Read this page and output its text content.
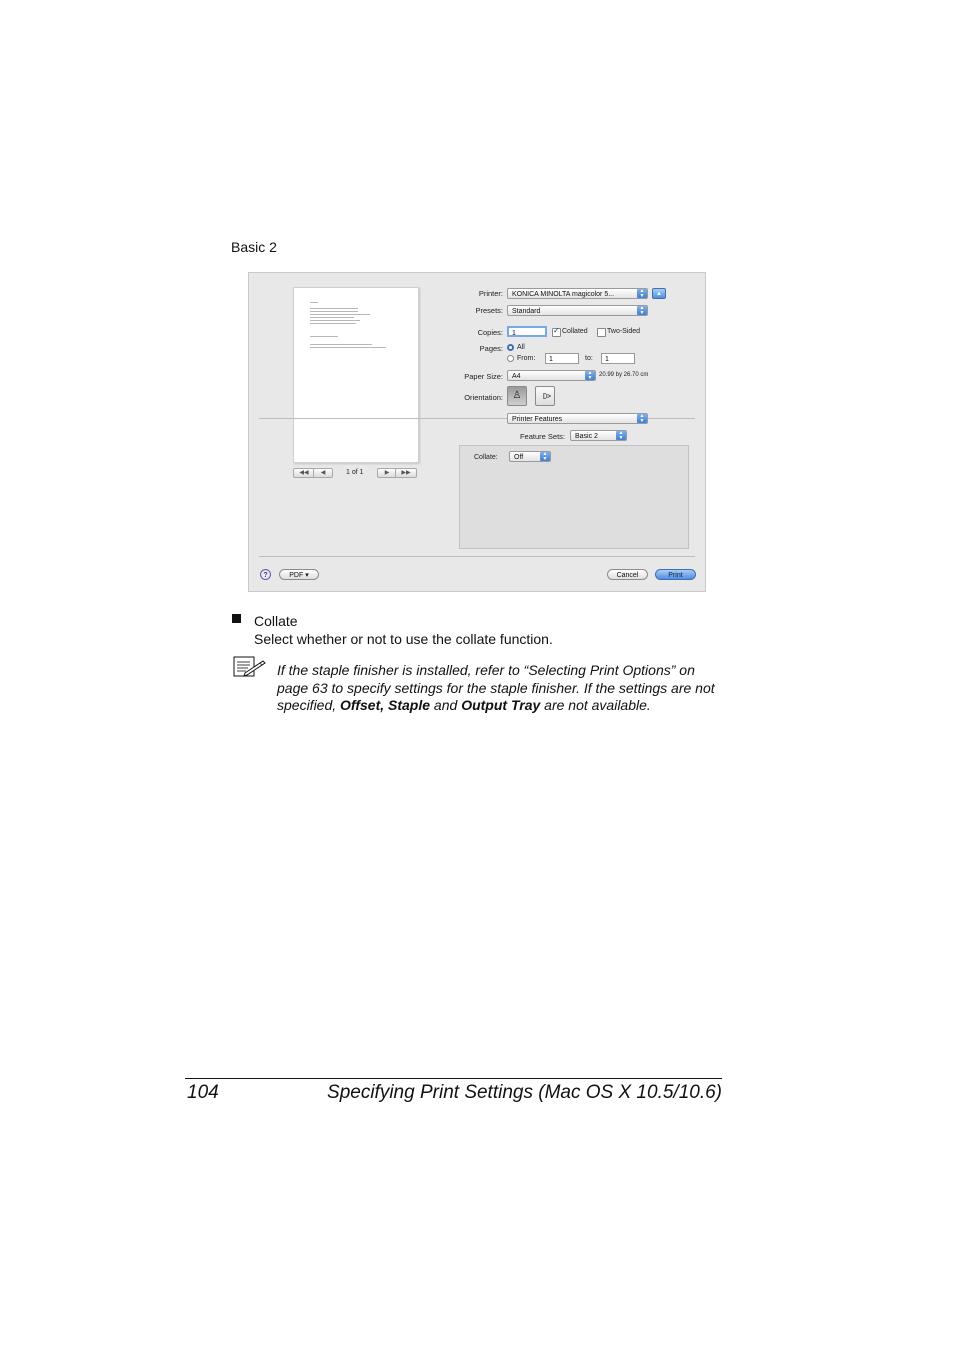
Basic 2
◀◀	◀	▶	▶▶
1 of 1
Printer:	KONICA MINOLTA magicolor 5...	▲
▼	▲
Presets:	Standard	▲
▼
Copies:	1	✓ Collated	Two-Sided
Pages: All
From:	1	to:	1
Paper Size:	A4	▲
▼	20.99 by 26.70 cm
Orientation: ♙	♙
Printer Features	▲
▼
Feature Sets:	Basic 2	▲
▼
Collate:	Off	▲
▼
?	PDF ▾	Cancel	Print
Collate
Select whether or not to use the collate function.
If the staple finisher is installed, refer to “Selecting Print Options” on page 63 to specify settings for the staple finisher. If the settings are not specified, Offset, Staple and Output Tray are not available.
104	Specifying Print Settings (Mac OS X 10.5/10.6)
